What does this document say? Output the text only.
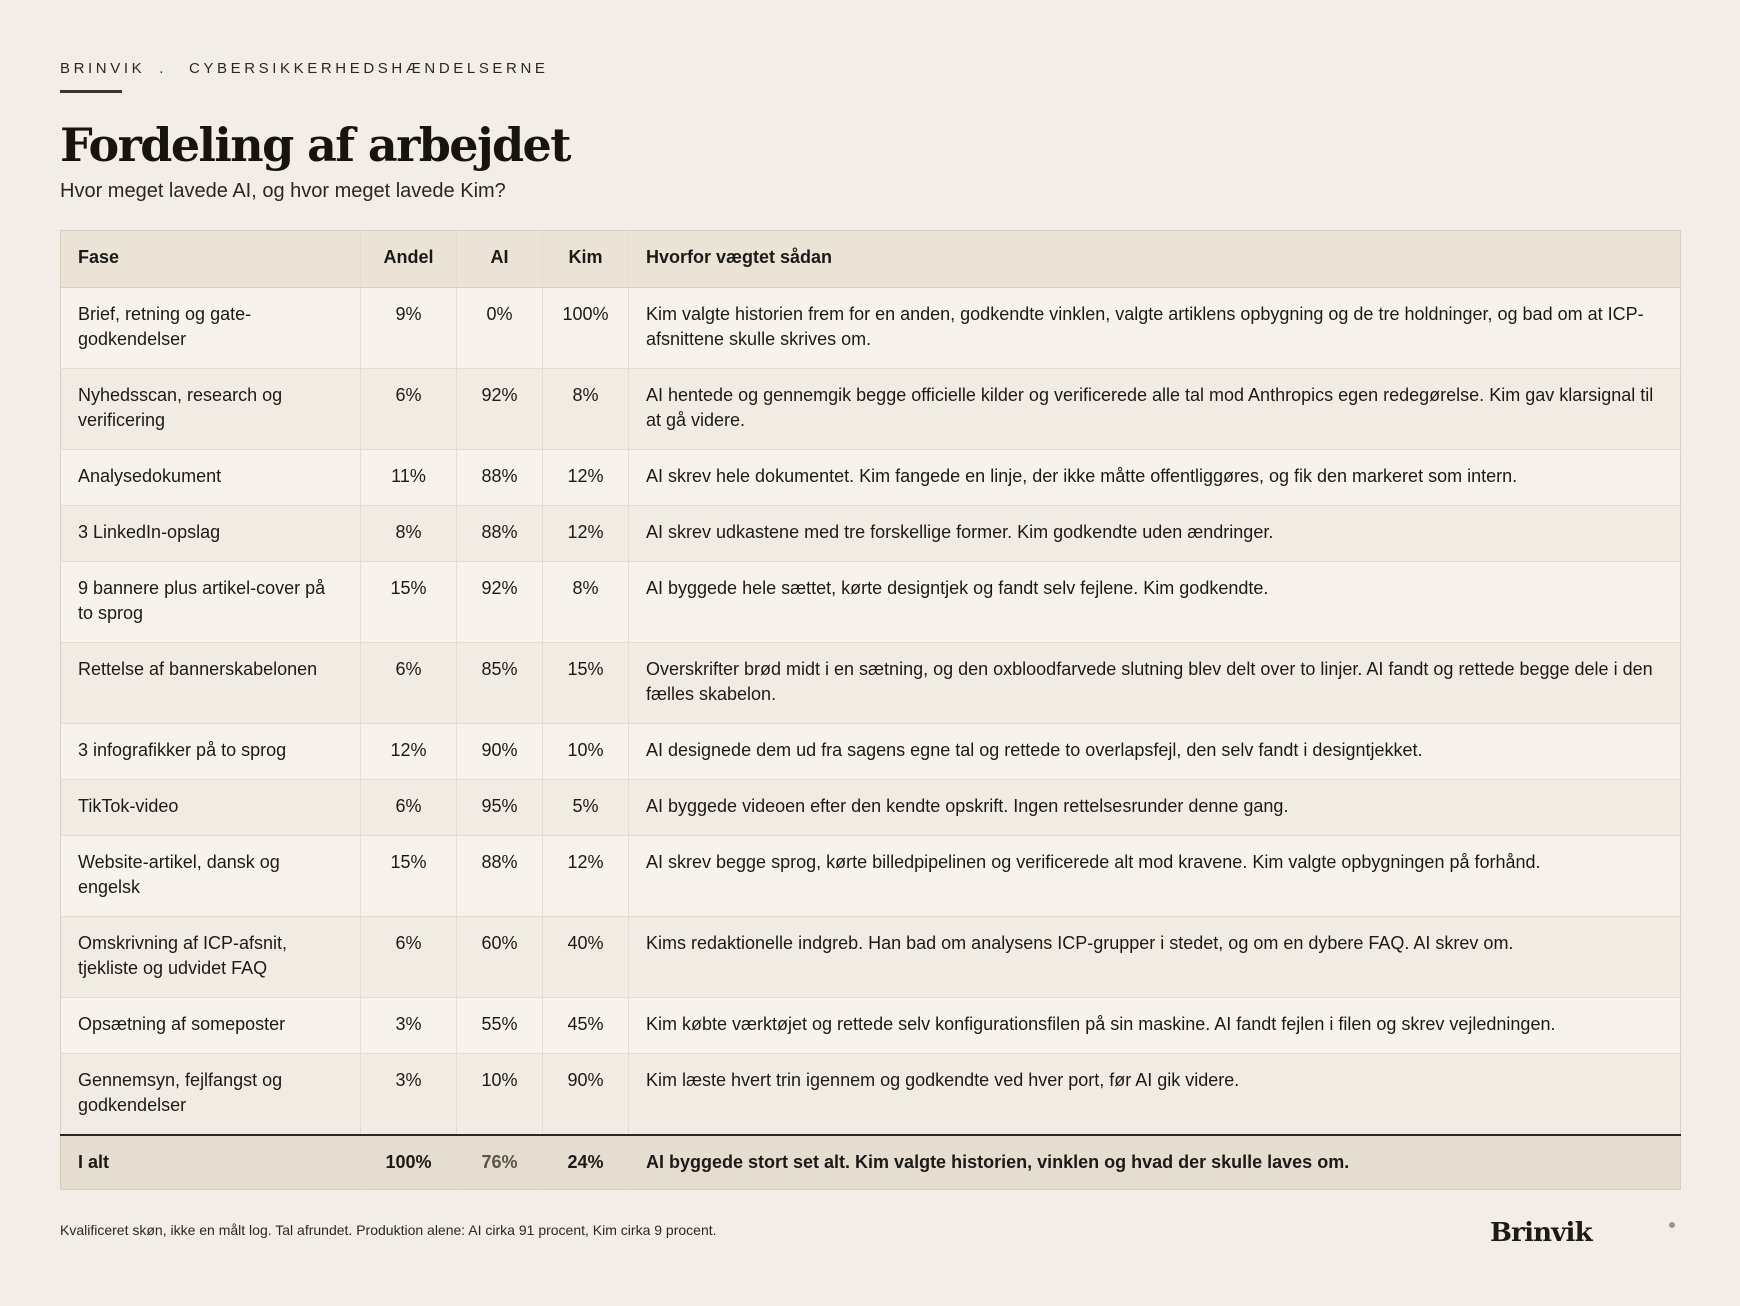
BRINVIK . CYBERSIKKERHEDSHÆNDELSERNE
Fordeling af arbejdet
Hvor meget lavede AI, og hvor meget lavede Kim?
Fase	Andel	AI	Kim	Hvorfor vægtet sådan
Brief, retning og gate-godkendelser	9%	0%	100%	Kim valgte historien frem for en anden, godkendte vinklen, valgte artiklens opbygning og de tre holdninger, og bad om at ICP-afsnittene skulle skrives om.
Nyhedsscan, research og verificering	6%	92%	8%	AI hentede og gennemgik begge officielle kilder og verificerede alle tal mod Anthropics egen redegørelse. Kim gav klarsignal til at gå videre.
Analysedokument	11%	88%	12%	AI skrev hele dokumentet. Kim fangede en linje, der ikke måtte offentliggøres, og fik den markeret som intern.
3 LinkedIn-opslag	8%	88%	12%	AI skrev udkastene med tre forskellige former. Kim godkendte uden ændringer.
9 bannere plus artikel-cover på to sprog	15%	92%	8%	AI byggede hele sættet, kørte designtjek og fandt selv fejlene. Kim godkendte.
Rettelse af bannerskabelonen	6%	85%	15%	Overskrifter brød midt i en sætning, og den oxbloodfarvede slutning blev delt over to linjer. AI fandt og rettede begge dele i den fælles skabelon.
3 infografikker på to sprog	12%	90%	10%	AI designede dem ud fra sagens egne tal og rettede to overlapsfejl, den selv fandt i designtjekket.
TikTok-video	6%	95%	5%	AI byggede videoen efter den kendte opskrift. Ingen rettelsesrunder denne gang.
Website-artikel, dansk og engelsk	15%	88%	12%	AI skrev begge sprog, kørte billedpipelinen og verificerede alt mod kravene. Kim valgte opbygningen på forhånd.
Omskrivning af ICP-afsnit, tjekliste og udvidet FAQ	6%	60%	40%	Kims redaktionelle indgreb. Han bad om analysens ICP-grupper i stedet, og om en dybere FAQ. AI skrev om.
Opsætning af someposter	3%	55%	45%	Kim købte værktøjet og rettede selv konfigurationsfilen på sin maskine. AI fandt fejlen i filen og skrev vejledningen.
Gennemsyn, fejlfangst og godkendelser	3%	10%	90%	Kim læste hvert trin igennem og godkendte ved hver port, før AI gik videre.
I alt	100%	76%	24%	AI byggede stort set alt. Kim valgte historien, vinklen og hvad der skulle laves om.
Kvalificeret skøn, ikke en målt log. Tal afrundet. Produktion alene: AI cirka 91 procent, Kim cirka 9 procent.	Brinvik
